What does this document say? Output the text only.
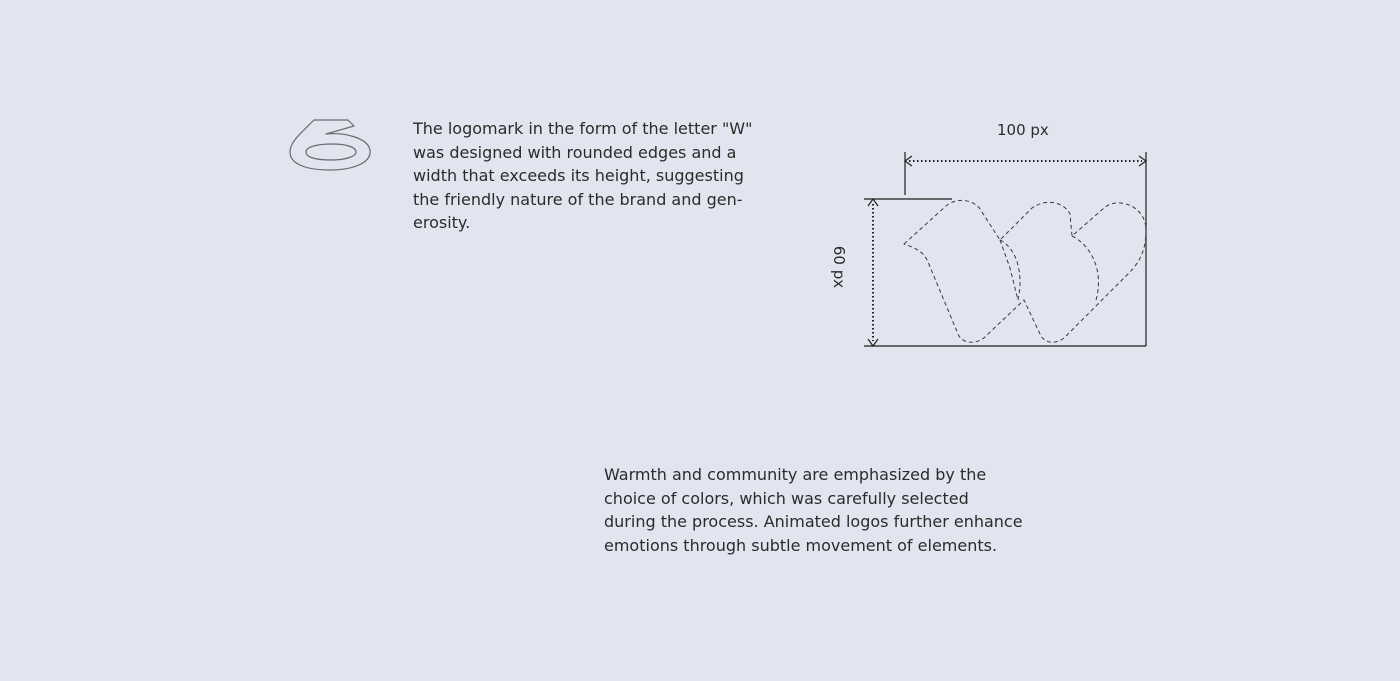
The logomark in the form of the letter "W"
was designed with rounded edges and a
width that exceeds its height, suggesting
the friendly nature of the brand and gen-
erosity.

100 px
60 px

Warmth and community are emphasized by the
choice of colors, which was carefully selected
during the process. Animated logos further enhance
emotions through subtle movement of elements.
